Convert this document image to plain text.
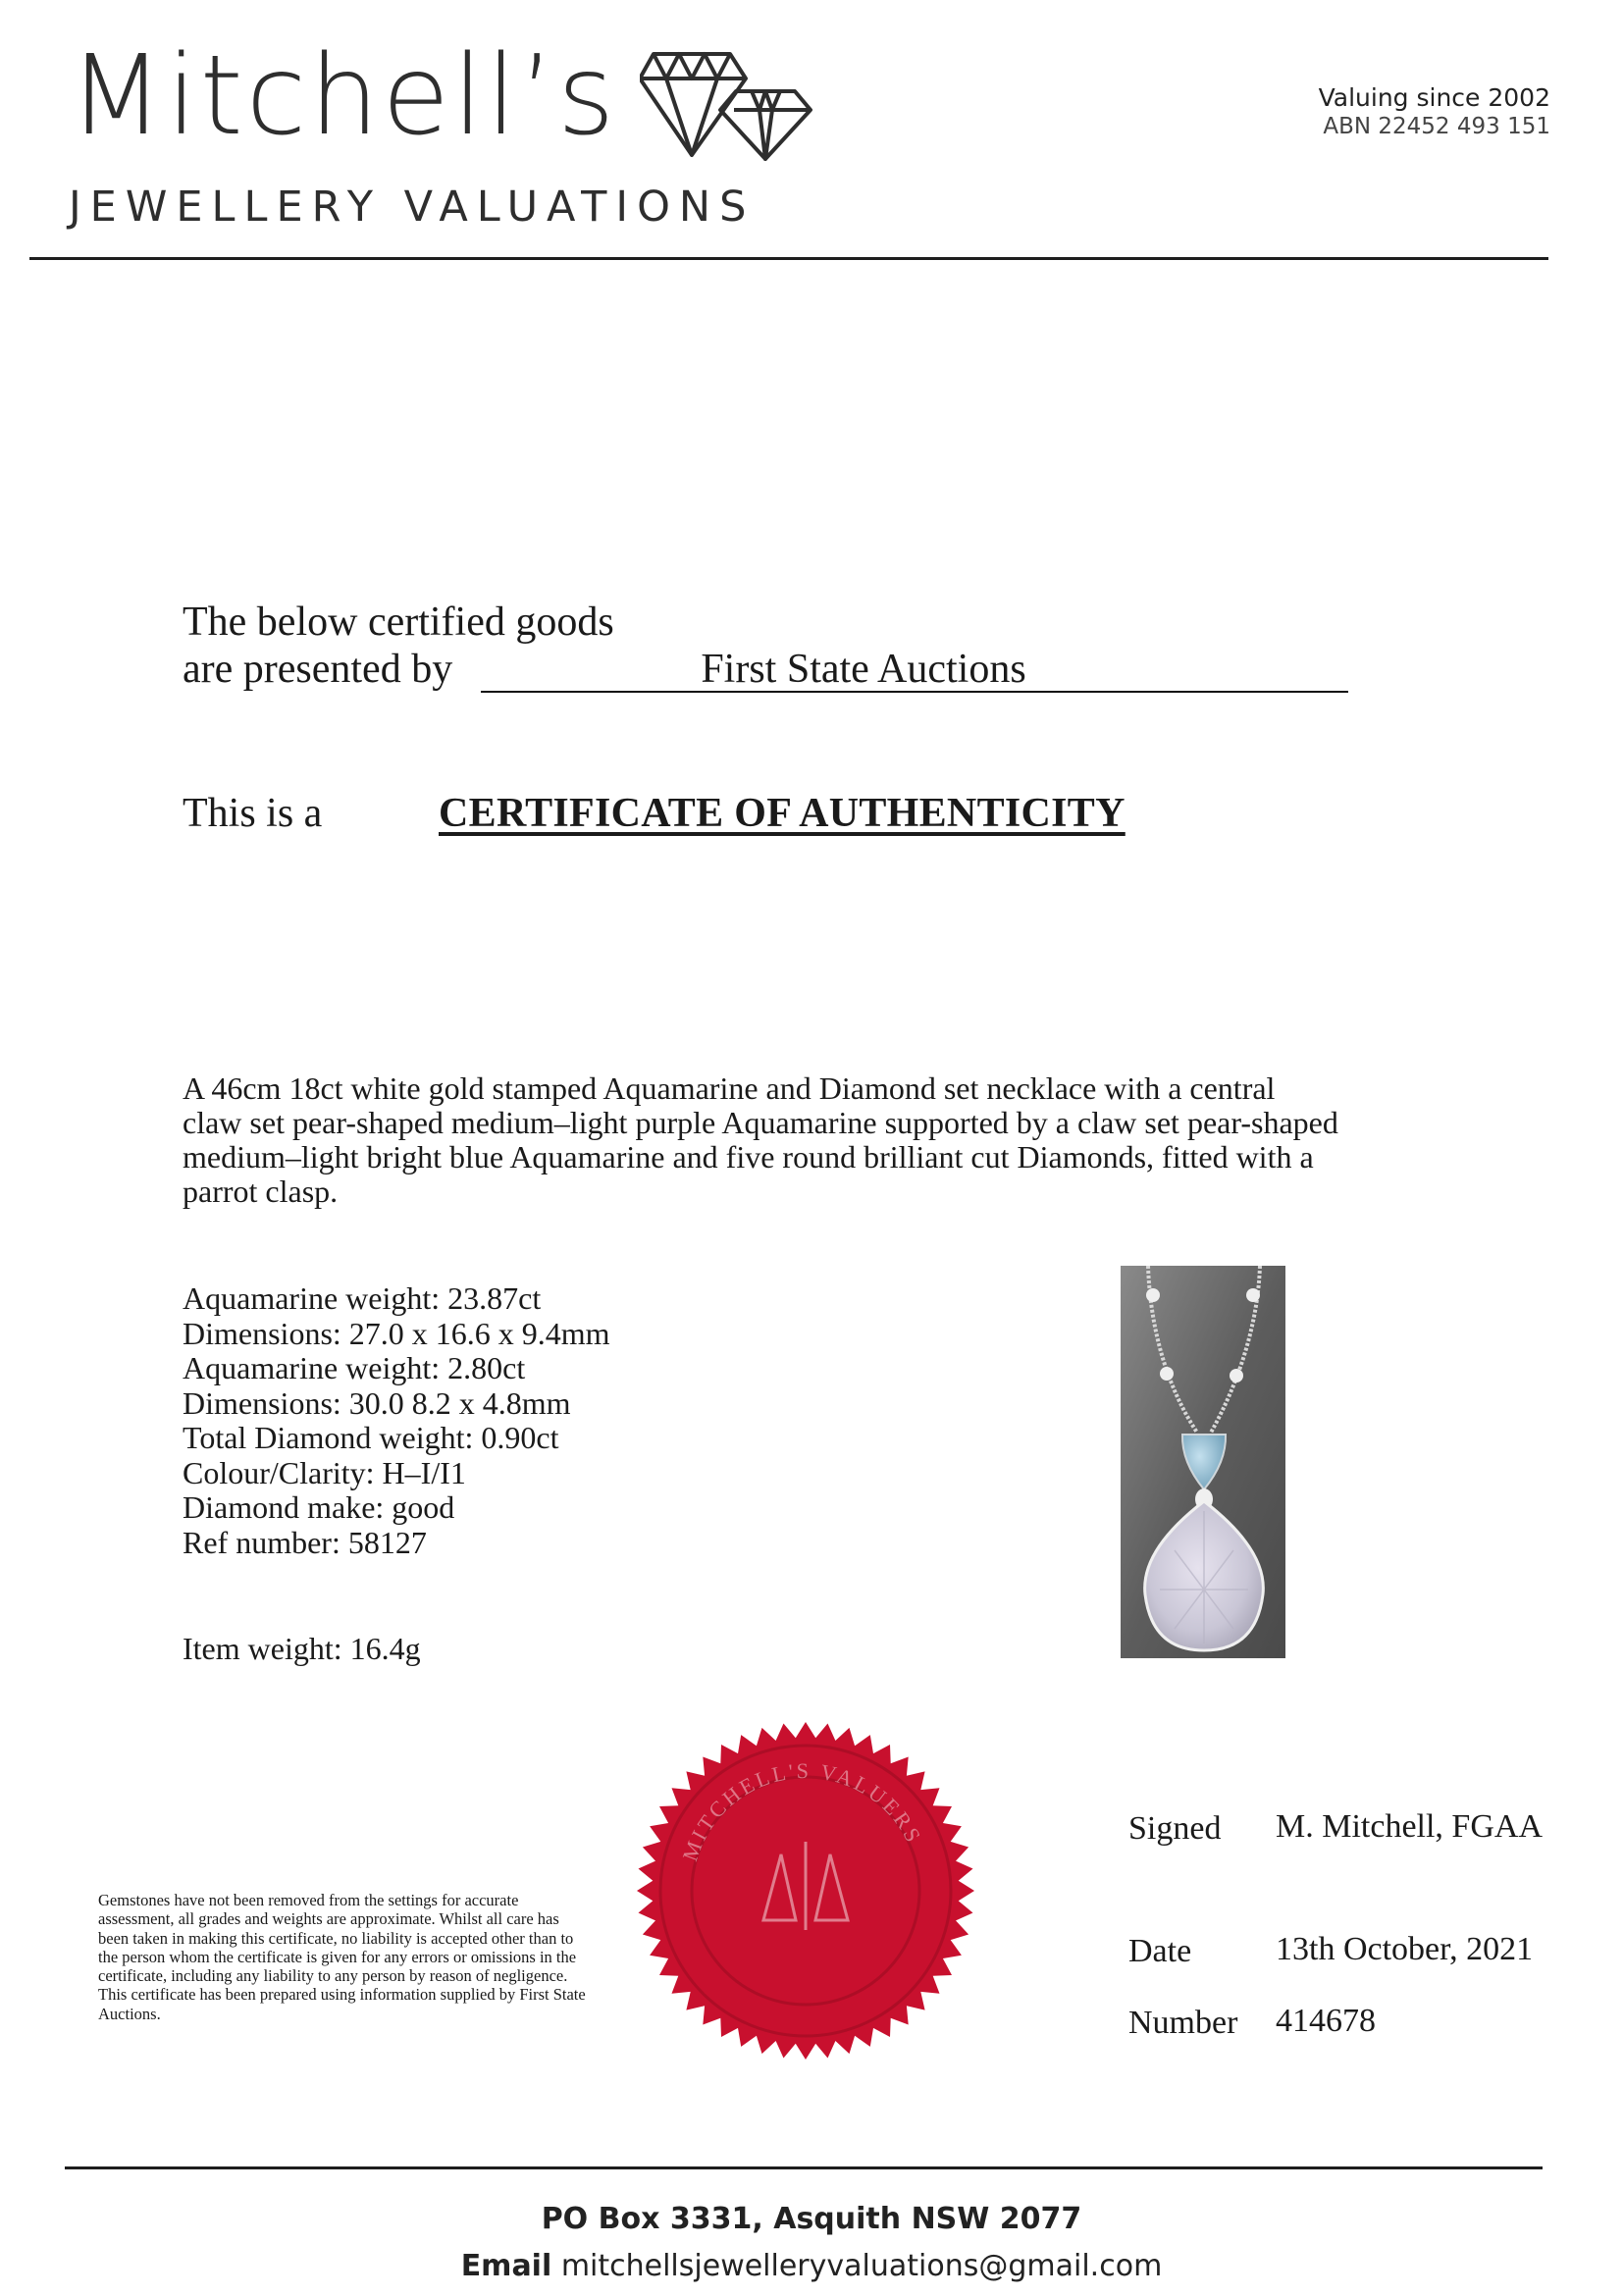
Mitchell’s
JEWELLERY VALUATIONS
Valuing since 2002
ABN 22452 493 151
The below certified goods
are presented by	First State Auctions
This is a	CERTIFICATE OF AUTHENTICITY
A 46cm 18ct white gold stamped Aquamarine and Diamond set necklace with a central claw set pear-shaped medium–light purple Aquamarine supported by a claw set pear-shaped medium–light bright blue Aquamarine and five round brilliant cut Diamonds, fitted with a parrot clasp.
Aquamarine weight: 23.87ct
Dimensions: 27.0 x 16.6 x 9.4mm
Aquamarine weight: 2.80ct
Dimensions: 30.0 8.2 x 4.8mm
Total Diamond weight: 0.90ct
Colour/Clarity: H–I/I1
Diamond make: good
Ref number: 58127
Item weight: 16.4g
MITCHELL'S VALUERS
Gemstones have not been removed from the settings for accurate assessment, all grades and weights are approximate. Whilst all care has been taken in making this certificate, no liability is accepted other than to the person whom the certificate is given for any errors or omissions in the certificate, including any liability to any person by reason of negligence. This certificate has been prepared using information supplied by First State Auctions.
Signed M. Mitchell, FGAA
Date	13th October, 2021
Number 414678
PO Box 3331, Asquith NSW 2077
Email mitchellsjewelleryvaluations@gmail.com
